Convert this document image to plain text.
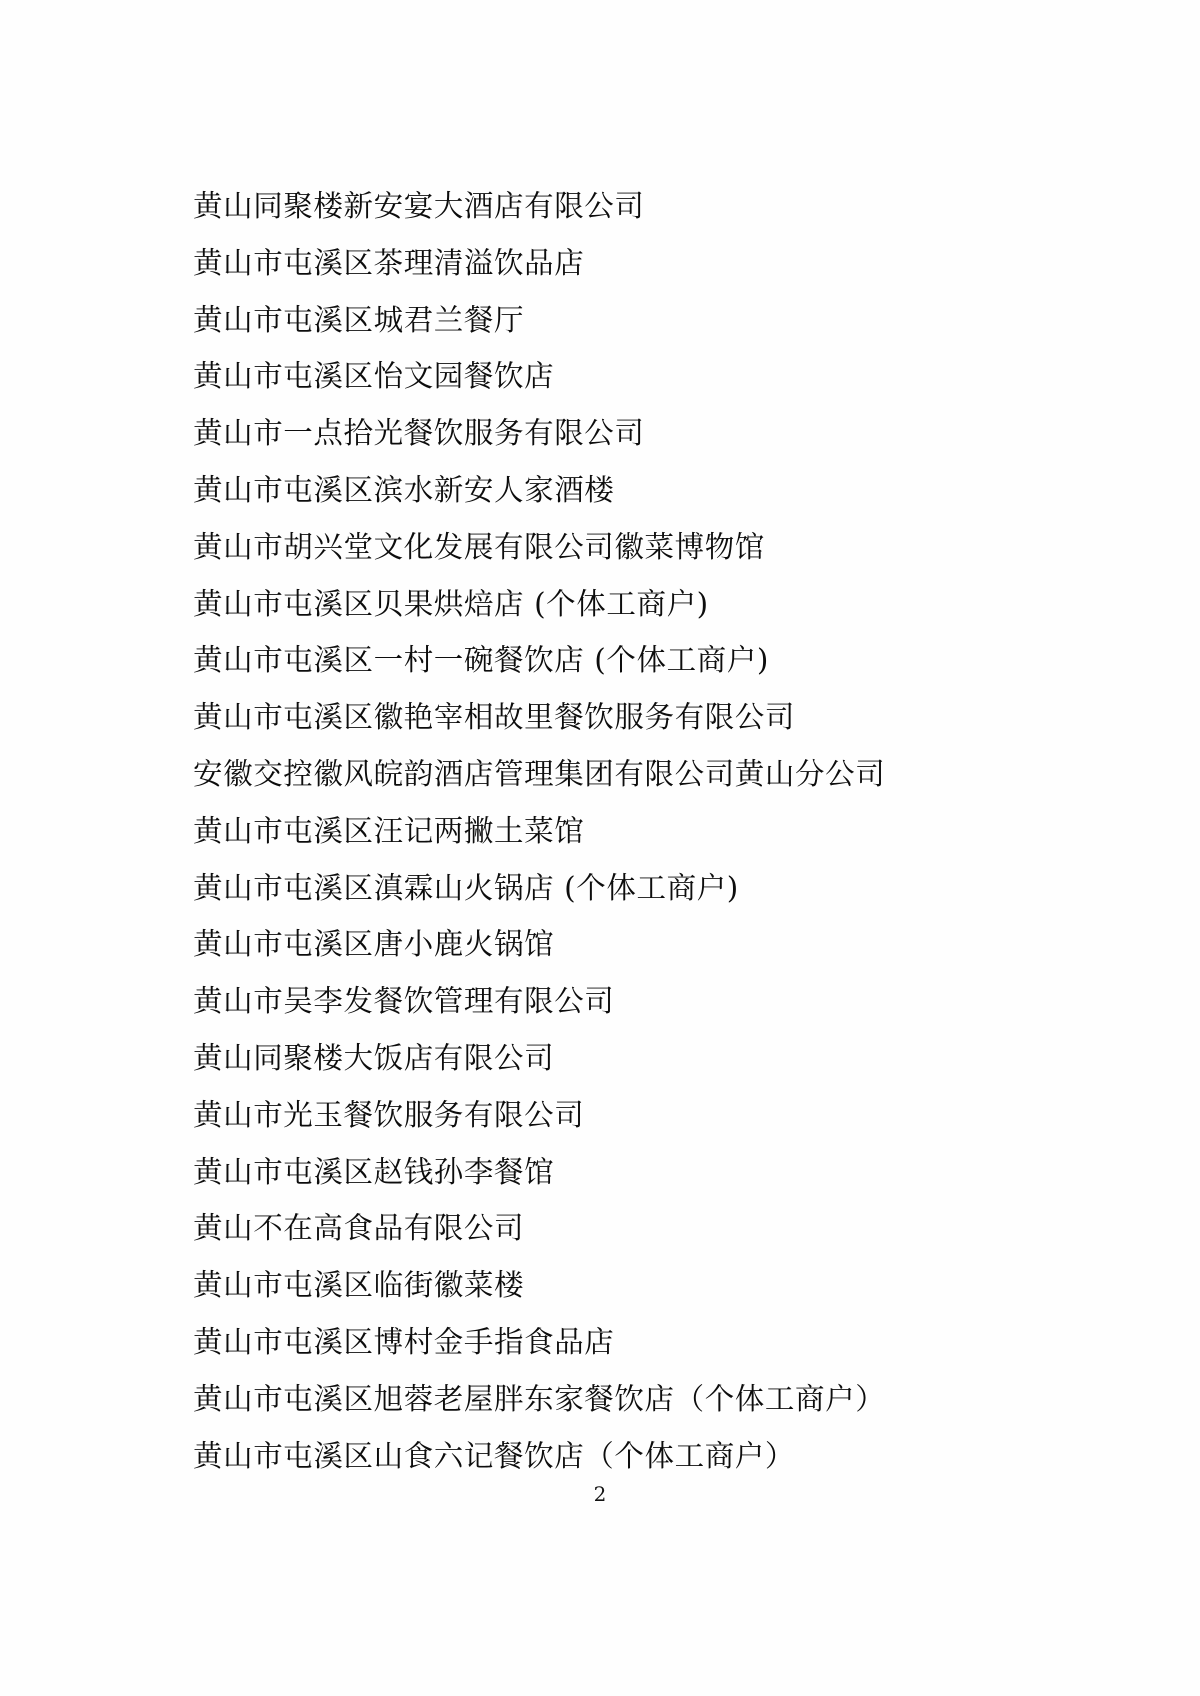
黄山同聚楼新安宴大酒店有限公司
黄山市屯溪区茶理清溢饮品店
黄山市屯溪区城君兰餐厅
黄山市屯溪区怡文园餐饮店
黄山市一点拾光餐饮服务有限公司
黄山市屯溪区滨水新安人家酒楼
黄山市胡兴堂文化发展有限公司徽菜博物馆
黄山市屯溪区贝果烘焙店 (个体工商户)
黄山市屯溪区一村一碗餐饮店 (个体工商户)
黄山市屯溪区徽艳宰相故里餐饮服务有限公司
安徽交控徽风皖韵酒店管理集团有限公司黄山分公司
黄山市屯溪区汪记两撇土菜馆
黄山市屯溪区滇霖山火锅店 (个体工商户)
黄山市屯溪区唐小鹿火锅馆
黄山市吴李发餐饮管理有限公司
黄山同聚楼大饭店有限公司
黄山市光玉餐饮服务有限公司
黄山市屯溪区赵钱孙李餐馆
黄山不在高食品有限公司
黄山市屯溪区临街徽菜楼
黄山市屯溪区博村金手指食品店
黄山市屯溪区旭蓉老屋胖东家餐饮店（个体工商户）
黄山市屯溪区山食六记餐饮店（个体工商户）
2
